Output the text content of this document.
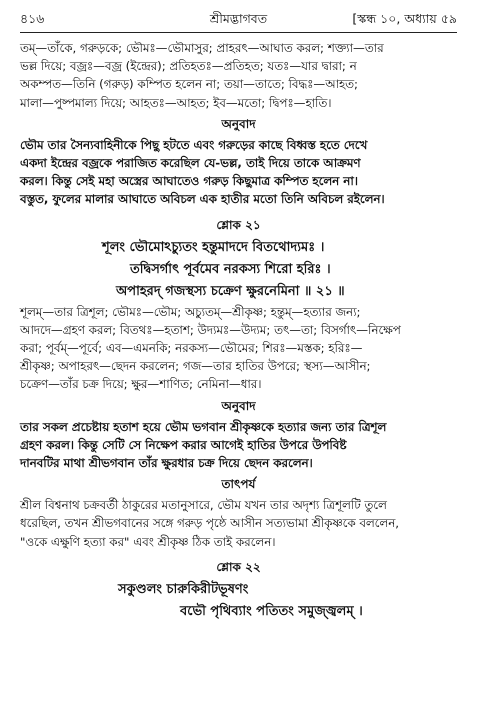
৪১৬	শ্রীমদ্ভাগবত	[স্কন্ধ ১০, অধ্যায় ৫৯

তম্—তাঁকে, গরুড়কে; ভৌমঃ—ভৌমাসুর; প্রাহরৎ—আঘাত করল; শক্ত্যা—তার

ভল্ল দিয়ে; বজ্রঃ—বজ্র (ইন্দ্রের); প্রতিহতঃ—প্রতিহত; যতঃ—যার দ্বারা; ন

অকম্পত—তিনি (গরুড়) কম্পিত হলেন না; তয়া—তাতে; বিদ্ধঃ—আহত;

মালা—পুষ্পমাল্য দিয়ে; আহতঃ—আহত; ইব—মতো; দ্বিপঃ—হাতি।

অনুবাদ

ভৌম তার সৈন্যবাহিনীকে পিছু হটতে এবং গরুড়ের কাছে বিধ্বস্ত হতে দেখে

একদা ইন্দ্রের বজ্রকে পরাজিত করেছিল যে-ভল্ল, তাই দিয়ে তাকে আক্রমণ

করল। কিন্তু সেই মহা অস্ত্রের আঘাতেও গরুড় কিছুমাত্র কম্পিত হলেন না।

বস্তুত, ফুলের মালার আঘাতে অবিচল এক হাতীর মতো তিনি অবিচল রইলেন।

শ্লোক ২১
শূলং ভৌমোঽচ্যুতং হন্তুমাদদে বিতথোদ্যমঃ ।
তদ্বিসর্গাৎ পূর্বমেব নরকস্য শিরো হরিঃ ।
অপাহরদ্ গজস্থস্য চক্রেণ ক্ষুরনেমিনা ॥ ২১ ॥

শূলম্—তার ত্রিশূল; ভৌমঃ—ভৌম; অচ্যুতম্—শ্রীকৃষ্ণ; হন্তুম্—হত্যার জন্য;

আদদে—গ্রহণ করল; বিতথঃ—হতাশ; উদ্যমঃ—উদ্যম; তৎ—তা; বিসর্গাৎ—নিক্ষেপ

করা; পূর্বম্—পূর্বে; এব—এমনকি; নরকস্য—ভৌমের; শিরঃ—মস্তক; হরিঃ—

শ্রীকৃষ্ণ; অপাহরৎ—ছেদন করলেন; গজ—তার হাতির উপরে; স্থস্য—আসীন;

চক্রেণ—তাঁর চক্র দিয়ে; ক্ষুর—শাণিত; নেমিনা—ধার।

অনুবাদ

তার সকল প্রচেষ্টায় হতাশ হয়ে ভৌম ভগবান শ্রীকৃষ্ণকে হত্যার জন্য তার ত্রিশূল

গ্রহণ করল। কিন্তু সেটি সে নিক্ষেপ করার আগেই হাতির উপরে উপবিষ্ট

দানবটির মাথা শ্রীভগবান তাঁর ক্ষুরধার চক্র দিয়ে ছেদন করলেন।

তাৎপর্য

শ্রীল বিশ্বনাথ চক্রবর্তী ঠাকুরের মতানুসারে, ভৌম যখন তার অদৃশ্য ত্রিশূলটি তুলে

ধরেছিল, তখন শ্রীভগবানের সঙ্গে গরুড় পৃষ্ঠে আসীন সত্যভামা শ্রীকৃষ্ণকে বললেন,

"ওকে এক্ষুণি হত্যা কর" এবং শ্রীকৃষ্ণ ঠিক তাই করলেন।

শ্লোক ২২
সকুণ্ডলং চারুকিরীটভূষণং
বভৌ পৃথিব্যাং পতিতং সমুজ্জ্বলম্ ।
